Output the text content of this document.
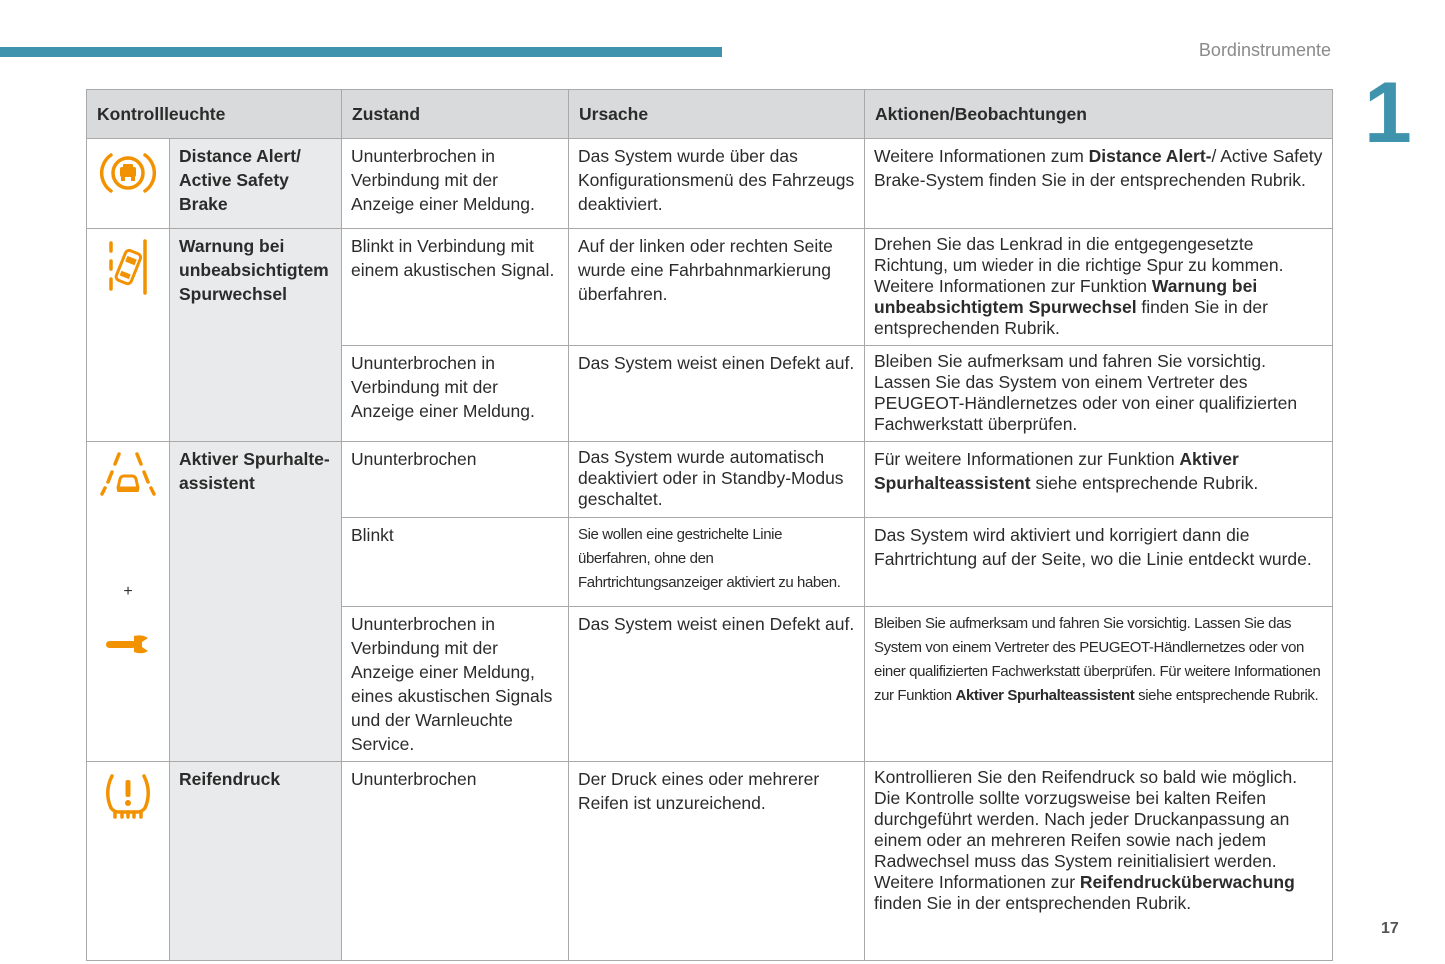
Bordinstrumente
1
17
Kontrollleuchte		Zustand	Ursache	Aktionen/Beobachtungen

	Distance Alert/ Active Safety Brake	Ununterbrochen in Verbindung mit der Anzeige einer Meldung.	Das System wurde über das Konfigurationsmenü des Fahrzeugs deaktiviert.	Weitere Informationen zum Distance Alert-/ Active Safety Brake-System finden Sie in der entsprechenden Rubrik.

	Warnung bei unbeabsichtigtem Spurwechsel	Blinkt in Verbindung mit einem akustischen Signal.	Auf der linken oder rechten Seite wurde eine Fahrbahnmarkierung überfahren.	Drehen Sie das Lenkrad in die entgegengesetzte Richtung, um wieder in die richtige Spur zu kommen. Weitere Informationen zur Funktion Warnung bei unbeabsichtigtem Spurwechsel finden Sie in der entsprechenden Rubrik.
		Ununterbrochen in Verbindung mit der Anzeige einer Meldung.	Das System weist einen Defekt auf.	Bleiben Sie aufmerksam und fahren Sie vorsichtig. Lassen Sie das System von einem Vertreter des PEUGEOT-Händlernetzes oder von einer qualifizierten Fachwerkstatt überprüfen.

+	Aktiver Spurhalte-assistent	Ununterbrochen	Das System wurde automatisch deaktiviert oder in Standby-Modus geschaltet.	Für weitere Informationen zur Funktion Aktiver Spurhalteassistent siehe entsprechende Rubrik.
		Blinkt	Sie wollen eine gestrichelte Linie überfahren, ohne den Fahrtrichtungsanzeiger aktiviert zu haben.	Das System wird aktiviert und korrigiert dann die Fahrtrichtung auf der Seite, wo die Linie entdeckt wurde.
		Ununterbrochen in Verbindung mit der Anzeige einer Meldung, eines akustischen Signals und der Warnleuchte Service.	Das System weist einen Defekt auf.	Bleiben Sie aufmerksam und fahren Sie vorsichtig. Lassen Sie das System von einem Vertreter des PEUGEOT-Händlernetzes oder von einer qualifizierten Fachwerkstatt überprüfen. Für weitere Informationen zur Funktion Aktiver Spurhalteassistent siehe entsprechende Rubrik.

	Reifendruck	Ununterbrochen	Der Druck eines oder mehrerer Reifen ist unzureichend.	Kontrollieren Sie den Reifendruck so bald wie möglich. Die Kontrolle sollte vorzugsweise bei kalten Reifen durchgeführt werden. Nach jeder Druckanpassung an einem oder an mehreren Reifen sowie nach jedem Radwechsel muss das System reinitialisiert werden. Weitere Informationen zur Reifendrucküberwachung finden Sie in der entsprechenden Rubrik.
